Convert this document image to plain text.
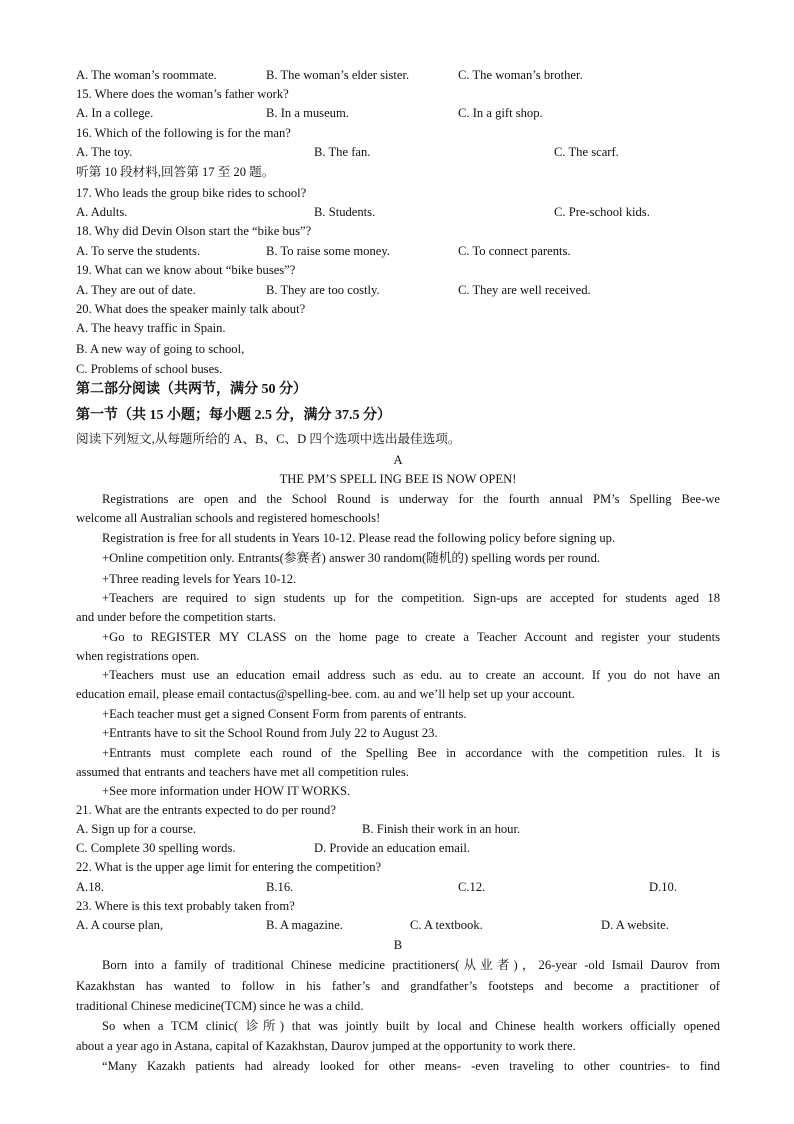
A. The woman’s roommate.	B. The woman’s elder sister.	C. The woman’s brother.
15. Where does the woman’s father work?
A. In a college.	B. In a museum.	C. In a gift shop.
16. Which of the following is for the man?
A. The toy.	B. The fan.	C. The scarf.
听第 10 段材料,回答第 17 至 20 题。
17. Who leads the group bike rides to school?
A. Adults.	B. Students.	C. Pre-school kids.
18. Why did Devin Olson start the “bike bus”?
A. To serve the students.	B. To raise some money.	C. To connect parents.
19. What can we know about “bike buses”?
A. They are out of date.	B. They are too costly.	C. They are well received.
20. What does the speaker mainly talk about?
A. The heavy traffic in Spain.
B. A new way of going to school,
C. Problems of school buses.
第二部分阅读（共两节，满分 50 分）
第一节（共 15 小题；每小题 2.5 分，满分 37.5 分）
阅读下列短文,从每题所给的 A、B、C、D 四个选项中选出最佳选项。
A
THE PM’S SPELL ING BEE IS NOW OPEN!
Registrations are open and the School Round is underway for the fourth annual PM’s Spelling Bee-we
welcome all Australian schools and registered homeschools!
Registration is free for all students in Years 10-12. Please read the following policy before signing up.
+Online competition only. Entrants(参赛者) answer 30 random(随机的) spelling words per round.
+Three reading levels for Years 10-12.
+Teachers are required to sign students up for the competition. Sign-ups are accepted for students aged 18
and under before the competition starts.
+Go to REGISTER MY CLASS on the home page to create a Teacher Account and register your students
when registrations open.
+Teachers must use an education email address such as edu. au to create an account. If you do not have an
education email, please email contactus@spelling-bee. com. au and we’ll help set up your account.
+Each teacher must get a signed Consent Form from parents of entrants.
+Entrants have to sit the School Round from July 22 to August 23.
+Entrants must complete each round of the Spelling Bee in accordance with the competition rules. It is
assumed that entrants and teachers have met all competition rules.
+See more information under HOW IT WORKS.
21. What are the entrants expected to do per round?
A. Sign up for a course.	B. Finish their work in an hour.
C. Complete 30 spelling words.	D. Provide an education email.
22. What is the upper age limit for entering the competition?
A.18.	B.16.	C.12.	D.10.
23. Where is this text probably taken from?
A. A course plan,	B. A magazine.	C. A textbook.	D. A website.
B
Born into a family of traditional Chinese medicine practitioners(从业者)，26-year -old Ismail Daurov from
Kazakhstan has wanted to follow in his father’s and grandfather’s footsteps and become a practitioner of
traditional Chinese medicine(TCM) since he was a child.
So when a TCM clinic( 诊所) that was jointly built by local and Chinese health workers officially opened
about a year ago in Astana, capital of Kazakhstan, Daurov jumped at the opportunity to work there.
“Many Kazakh patients had already looked for other means- -even traveling to other countries- to find
